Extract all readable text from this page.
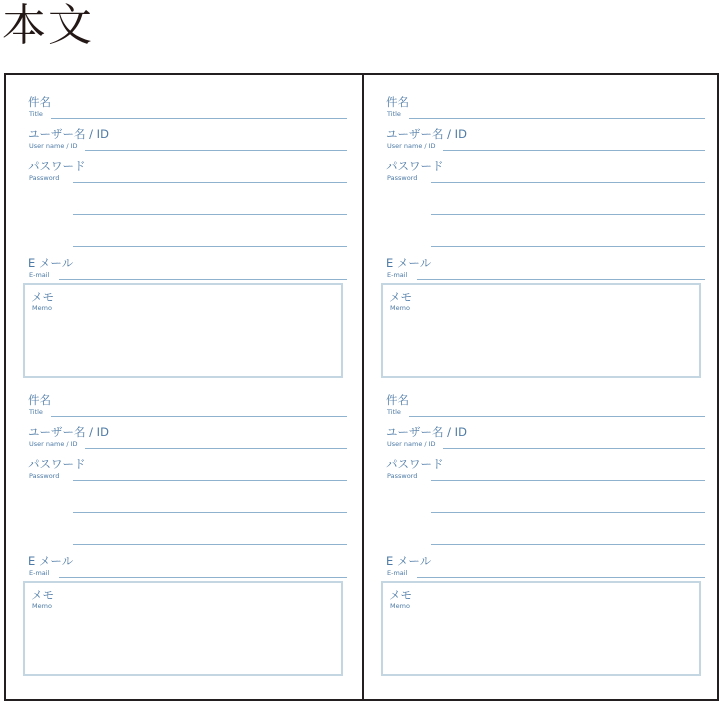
本文
件名
Title
ユーザー名 / ID
User name / ID
パスワード
Password
E メール
E-mail
メモ
Memo
件名
Title
ユーザー名 / ID
User name / ID
パスワード
Password
E メール
E-mail
メモ
Memo
件名
Title
ユーザー名 / ID
User name / ID
パスワード
Password
E メール
E-mail
メモ
Memo
件名
Title
ユーザー名 / ID
User name / ID
パスワード
Password
E メール
E-mail
メモ
Memo
